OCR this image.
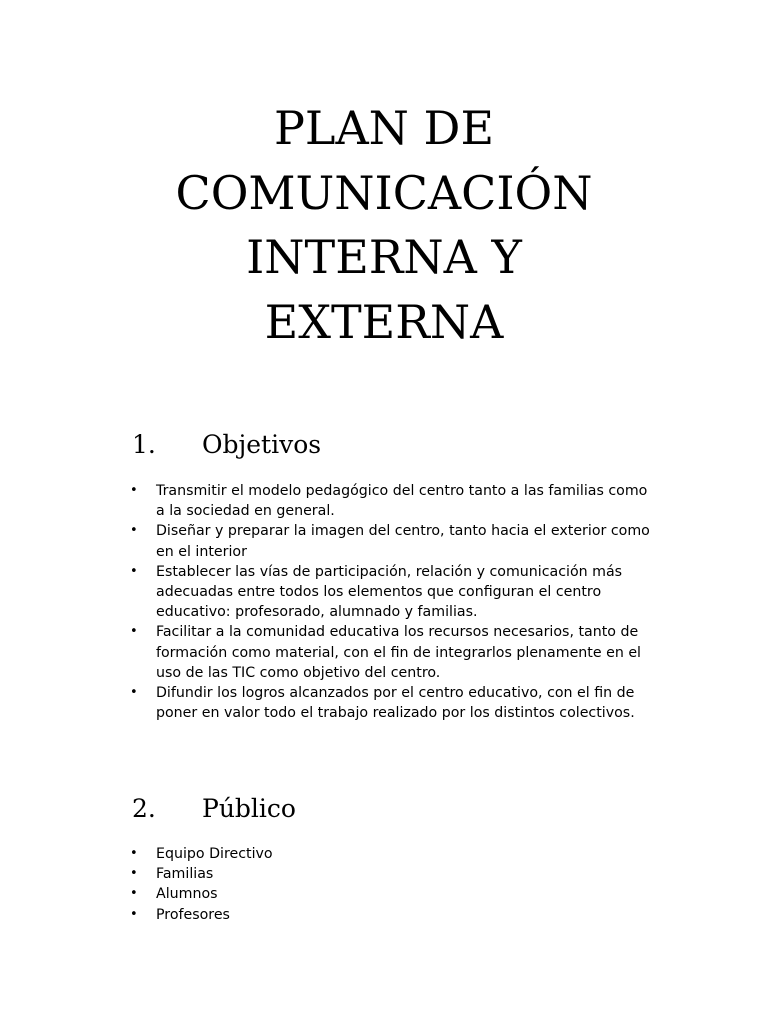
PLAN DE
COMUNICACIÓN
INTERNA Y
EXTERNA
1. Objetivos
• Transmitir el modelo pedagógico del centro tanto a las familias como a la sociedad en general.
• Diseñar y preparar la imagen del centro, tanto hacia el exterior como en el interior
• Establecer las vías de participación, relación y comunicación más adecuadas entre todos los elementos que configuran el centro educativo: profesorado, alumnado y familias.
• Facilitar a la comunidad educativa los recursos necesarios, tanto de formación como material, con el fin de integrarlos plenamente en el uso de las TIC como objetivo del centro.
• Difundir los logros alcanzados por el centro educativo, con el fin de poner en valor todo el trabajo realizado por los distintos colectivos.
2. Público
• Equipo Directivo
• Familias
• Alumnos
• Profesores
